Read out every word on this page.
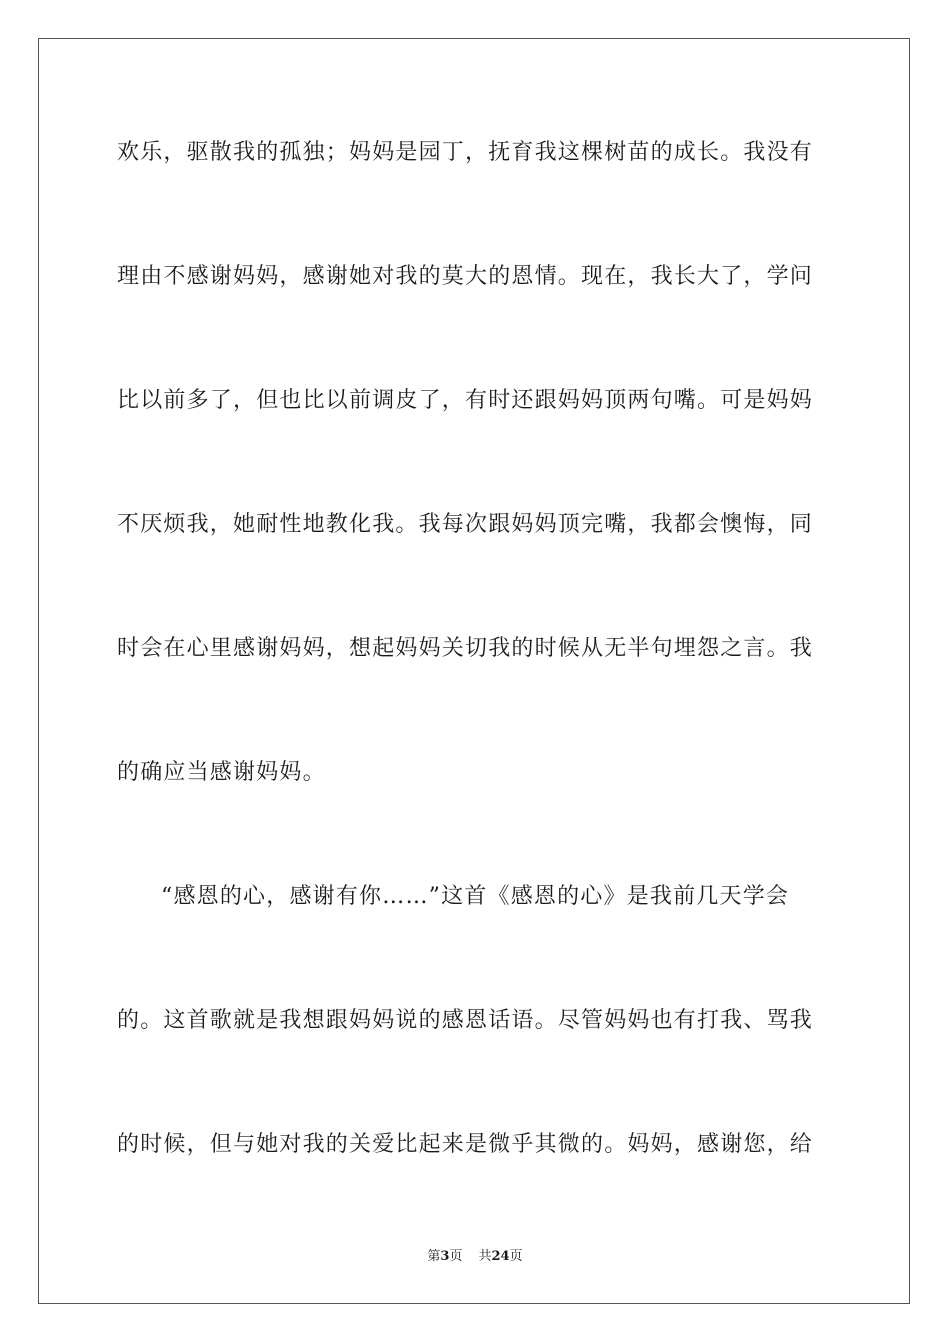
欢乐，驱散我的孤独；妈妈是园丁，抚育我这棵树苗的成长。我没有
理由不感谢妈妈，感谢她对我的莫大的恩情。现在，我长大了，学问
比以前多了，但也比以前调皮了，有时还跟妈妈顶两句嘴。可是妈妈
不厌烦我，她耐性地教化我。我每次跟妈妈顶完嘴，我都会懊悔，同
时会在心里感谢妈妈，想起妈妈关切我的时候从无半句埋怨之言。我
的确应当感谢妈妈。
“感恩的心，感谢有你……”这首《感恩的心》是我前几天学会
的。这首歌就是我想跟妈妈说的感恩话语。尽管妈妈也有打我、骂我
的时候，但与她对我的关爱比起来是微乎其微的。妈妈，感谢您，给
第3页 共24页
